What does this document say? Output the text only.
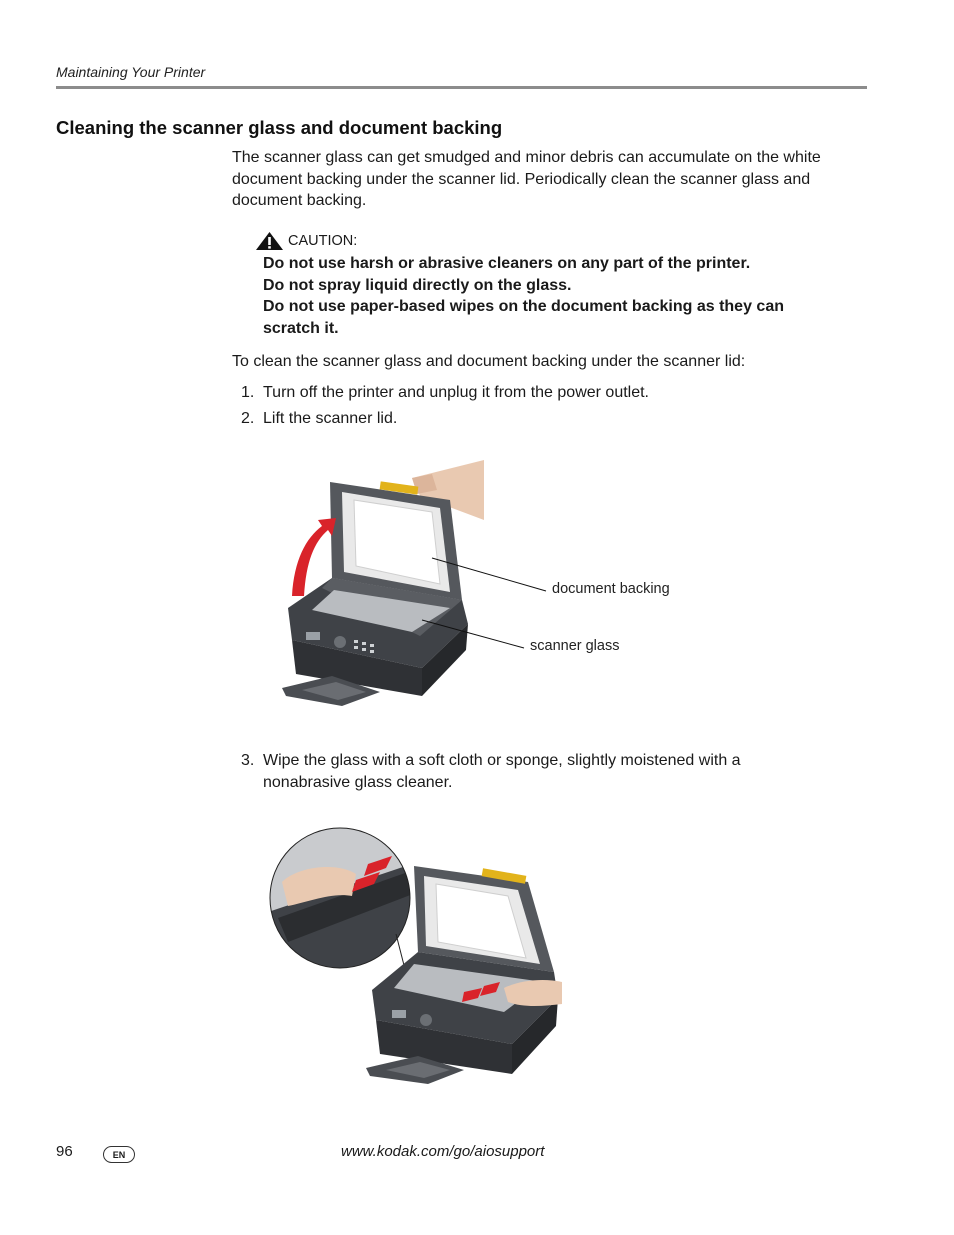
Maintaining Your Printer
Cleaning the scanner glass and document backing
The scanner glass can get smudged and minor debris can accumulate on the white
document backing under the scanner lid. Periodically clean the scanner glass and
document backing.
CAUTION:
Do not use harsh or abrasive cleaners on any part of the printer.
Do not spray liquid directly on the glass.
Do not use paper-based wipes on the document backing as they can
scratch it.
To clean the scanner glass and document backing under the scanner lid:
1. Turn off the printer and unplug it from the power outlet.
2. Lift the scanner lid.
document backing
scanner glass
3. Wipe the glass with a soft cloth or sponge, slightly moistened with a
nonabrasive glass cleaner.
96	EN	www.kodak.com/go/aiosupport
